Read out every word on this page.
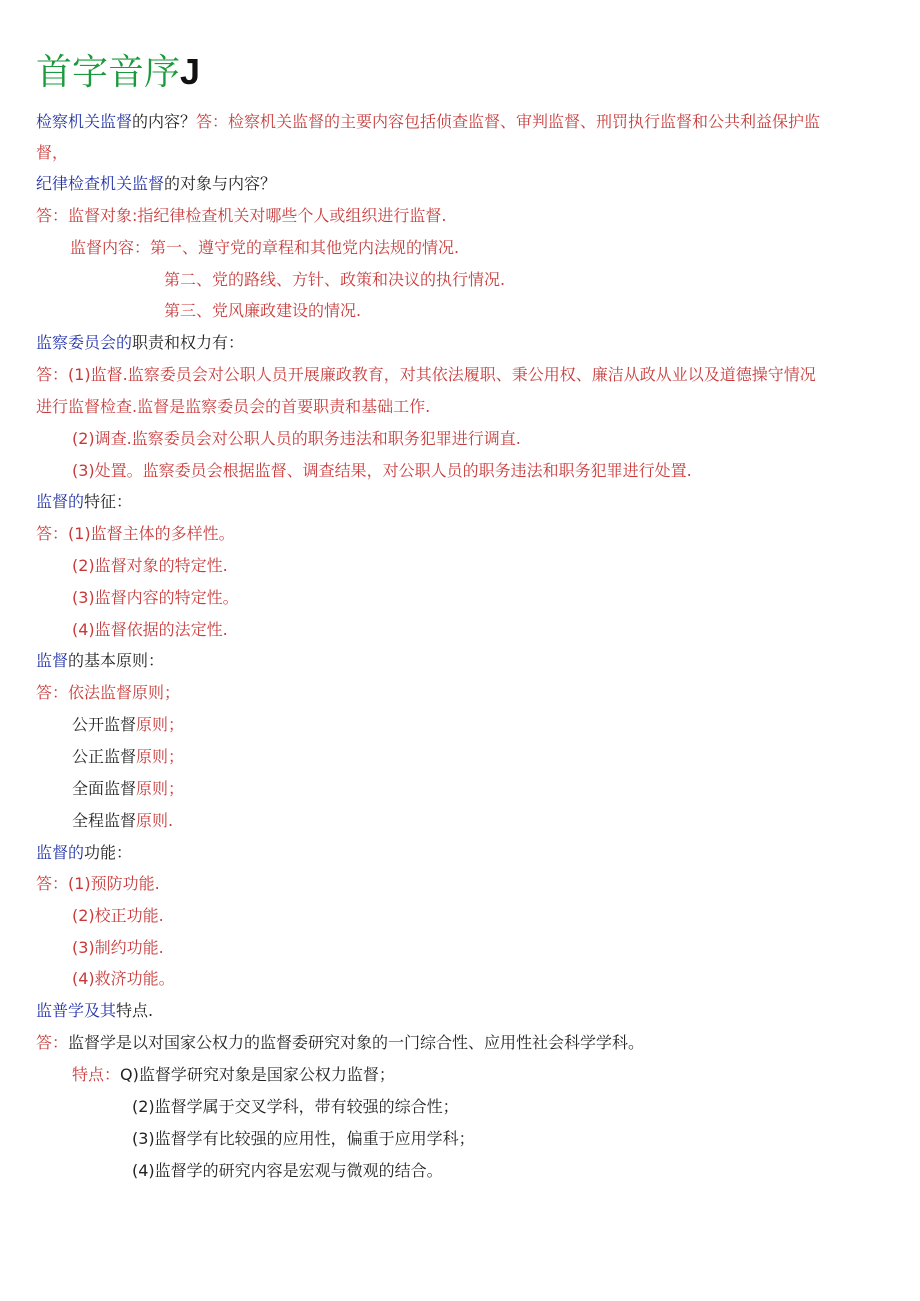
首字音序J
检察机关监督的内容？答：检察机关监督的主要内容包括侦查监督、审判监督、刑罚执行监督和公共利益保护监
督，
纪律检查机关监督的对象与内容？
答：监督对象:指纪律检查机关对哪些个人或组织进行监督.
监督内容：第一、遵守党的章程和其他党内法规的情况.
第二、党的路线、方针、政策和决议的执行情况.
第三、党风廉政建设的情况.
监察委员会的职责和权力有：
答：(1)监督.监察委员会对公职人员开展廉政教育，对其依法履职、秉公用权、廉洁从政从业以及道德操守情况
进行监督检查.监督是监察委员会的首要职责和基础工作.
(2)调查.监察委员会对公职人员的职务违法和职务犯罪进行调直.
(3)处置。监察委员会根据监督、调查结果，对公职人员的职务违法和职务犯罪进行处置.
监督的特征：
答：(1)监督主体的多样性。
(2)监督对象的特定性.
(3)监督内容的特定性。
(4)监督依据的法定性.
监督的基本原则：
答：依法监督原则；
公开监督原则；
公正监督原则；
全面监督原则；
全程监督原则.
监督的功能：
答：(1)预防功能.
(2)校正功能.
(3)制约功能.
(4)救济功能。
监普学及其特点.
答：监督学是以对国家公权力的监督委研究对象的一门综合性、应用性社会科学学科。
特点：Q)监督学研究对象是国家公权力监督；
(2)监督学属于交叉学科，带有较强的综合性；
(3)监督学有比较强的应用性，偏重于应用学科；
(4)监督学的研究内容是宏观与微观的结合。
